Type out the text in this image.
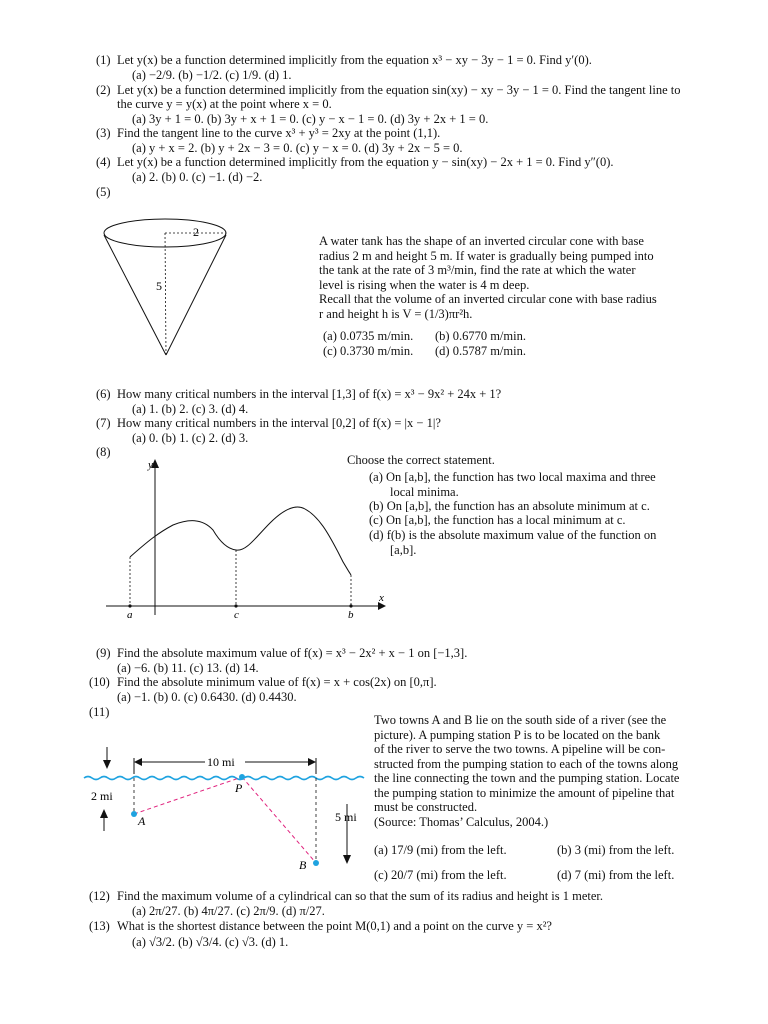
(1) Let y(x) be a function determined implicitly from the equation x³ − xy − 3y − 1 = 0. Find y′(0).
(a) −2/9. (b) −1/2. (c) 1/9. (d) 1.
(2) Let y(x) be a function determined implicitly from the equation sin(xy) − xy − 3y − 1 = 0. Find the tangent line to
the curve y = y(x) at the point where x = 0.
(a) 3y + 1 = 0. (b) 3y + x + 1 = 0. (c) y − x − 1 = 0. (d) 3y + 2x + 1 = 0.
(3) Find the tangent line to the curve x³ + y³ = 2xy at the point (1,1).
(a) y + x = 2. (b) y + 2x − 3 = 0. (c) y − x = 0. (d) 3y + 2x − 5 = 0.
(4) Let y(x) be a function determined implicitly from the equation y − sin(xy) − 2x + 1 = 0. Find y″(0).
(a) 2. (b) 0. (c) −1. (d) −2.
(5)
2
5
A water tank has the shape of an inverted circular cone with base
radius 2 m and height 5 m. If water is gradually being pumped into
the tank at the rate of 3 m³/min, find the rate at which the water
level is rising when the water is 4 m deep.
Recall that the volume of an inverted circular cone with base radius
r and height h is V = (1/3)πr²h.
(a) 0.0735 m/min. (b) 0.6770 m/min.
(c) 0.3730 m/min. (d) 0.5787 m/min.
(6) How many critical numbers in the interval [1,3] of f(x) = x³ − 9x² + 24x + 1?
(a) 1. (b) 2. (c) 3. (d) 4.
(7) How many critical numbers in the interval [0,2] of f(x) = |x − 1|?
(a) 0. (b) 1. (c) 2. (d) 3.
(8)
y
x
a	c	b
Choose the correct statement.
(a) On [a,b], the function has two local maxima and three
local minima.
(b) On [a,b], the function has an absolute minimum at c.
(c) On [a,b], the function has a local minimum at c.
(d) f(b) is the absolute maximum value of the function on
[a,b].
(9) Find the absolute maximum value of f(x) = x³ − 2x² + x − 1 on [−1,3].
(a) −6. (b) 11. (c) 13. (d) 14.
(10) Find the absolute minimum value of f(x) = x + cos(2x) on [0,π].
(a) −1. (b) 0. (c) 0.6430. (d) 0.4430.
(11)
2 mi
10 mi
5 mi
A
P
B
Two towns A and B lie on the south side of a river (see the
picture). A pumping station P is to be located on the bank
of the river to serve the two towns. A pipeline will be con-
structed from the pumping station to each of the towns along
the line connecting the town and the pumping station. Locate
the pumping station to minimize the amount of pipeline that
must be constructed.
(Source: Thomas’ Calculus, 2004.)
(a) 17/9 (mi) from the left.	(b) 3 (mi) from the left.
(c) 20/7 (mi) from the left.	(d) 7 (mi) from the left.
(12) Find the maximum volume of a cylindrical can so that the sum of its radius and height is 1 meter.
(a) 2π/27. (b) 4π/27. (c) 2π/9. (d) π/27.
(13) What is the shortest distance between the point M(0,1) and a point on the curve y = x²?
(a) √3/2. (b) √3/4. (c) √3. (d) 1.
